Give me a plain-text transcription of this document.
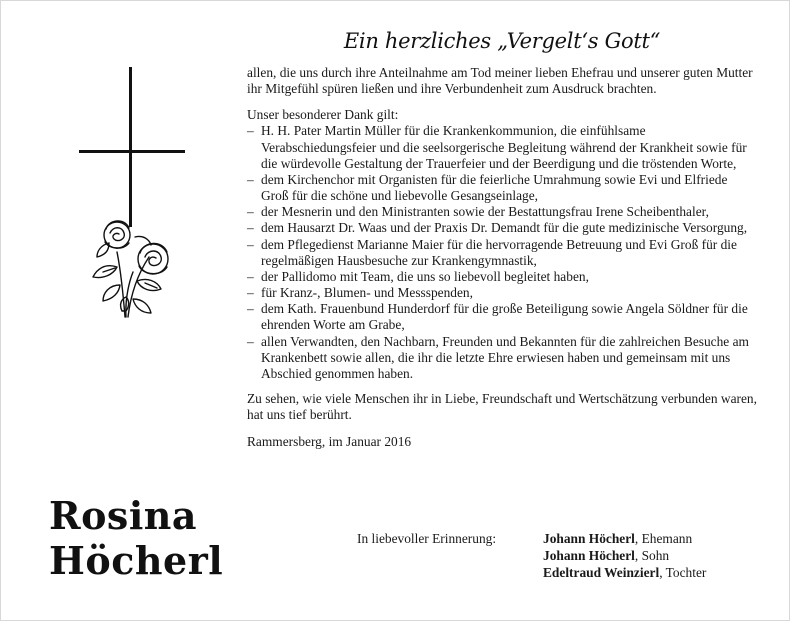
Rosina
Höcherl
Ein herzliches „Vergelt‘s Gott“

allen, die uns durch ihre Anteilnahme am Tod meiner lieben Ehefrau und unserer guten Mutter ihr Mitgefühl spüren ließen und ihre Verbundenheit zum Ausdruck brachten.

Unser besonderer Dank gilt:

– H. H. Pater Martin Müller für die Krankenkommunion, die einfühlsame Verabschiedungsfeier und die seelsorgerische Begleitung während der Krankheit sowie für die würdevolle Gestaltung der Trauerfeier und der Beerdigung und die tröstenden Worte,
– dem Kirchenchor mit Organisten für die feierliche Umrahmung sowie Evi und Elfriede Groß für die schöne und liebevolle Gesangseinlage,
– der Mesnerin und den Ministranten sowie der Bestattungsfrau Irene Scheibenthaler,
– dem Hausarzt Dr. Waas und der Praxis Dr. Demandt für die gute medizinische Versorgung,
– dem Pflegedienst Marianne Maier für die hervorragende Betreuung und Evi Groß für die regelmäßigen Hausbesuche zur Krankengymnastik,
– der Pallidomo mit Team, die uns so liebevoll begleitet haben,
– für Kranz-, Blumen- und Messspenden,
– dem Kath. Frauenbund Hunderdorf für die große Beteiligung sowie Angela Söldner für die ehrenden Worte am Grabe,
– allen Verwandten, den Nachbarn, Freunden und Bekannten für die zahlreichen Besuche am Krankenbett sowie allen, die ihr die letzte Ehre erwiesen haben und gemeinsam mit uns Abschied genommen haben.

Zu sehen, wie viele Menschen ihr in Liebe, Freundschaft und Wertschätzung verbunden waren, hat uns tief berührt.

Rammersberg, im Januar 2016

In liebevoller Erinnerung:	Johann Höcherl, Ehemann
Johann Höcherl, Sohn
Edeltraud Weinzierl, Tochter
